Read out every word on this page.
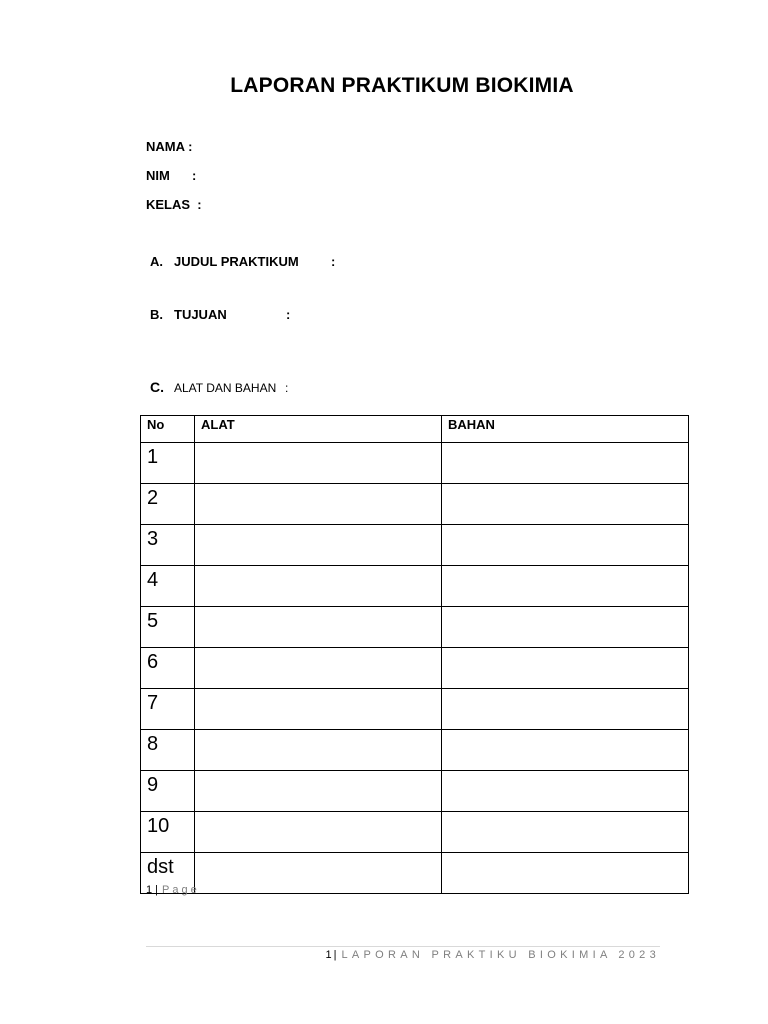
LAPORAN PRAKTIKUM BIOKIMIA
NAMA :
NIM :
KELAS  :
A. JUDUL PRAKTIKUM :
B. TUJUAN	:
C. ALAT DAN BAHAN :
No	ALAT	BAHAN
1		
2		
3		
4		
5		
6		
7		
8		
9		
10		
dst		
1 | Page
1| LAPORAN PRAKTIKU BIOKIMIA 2023
